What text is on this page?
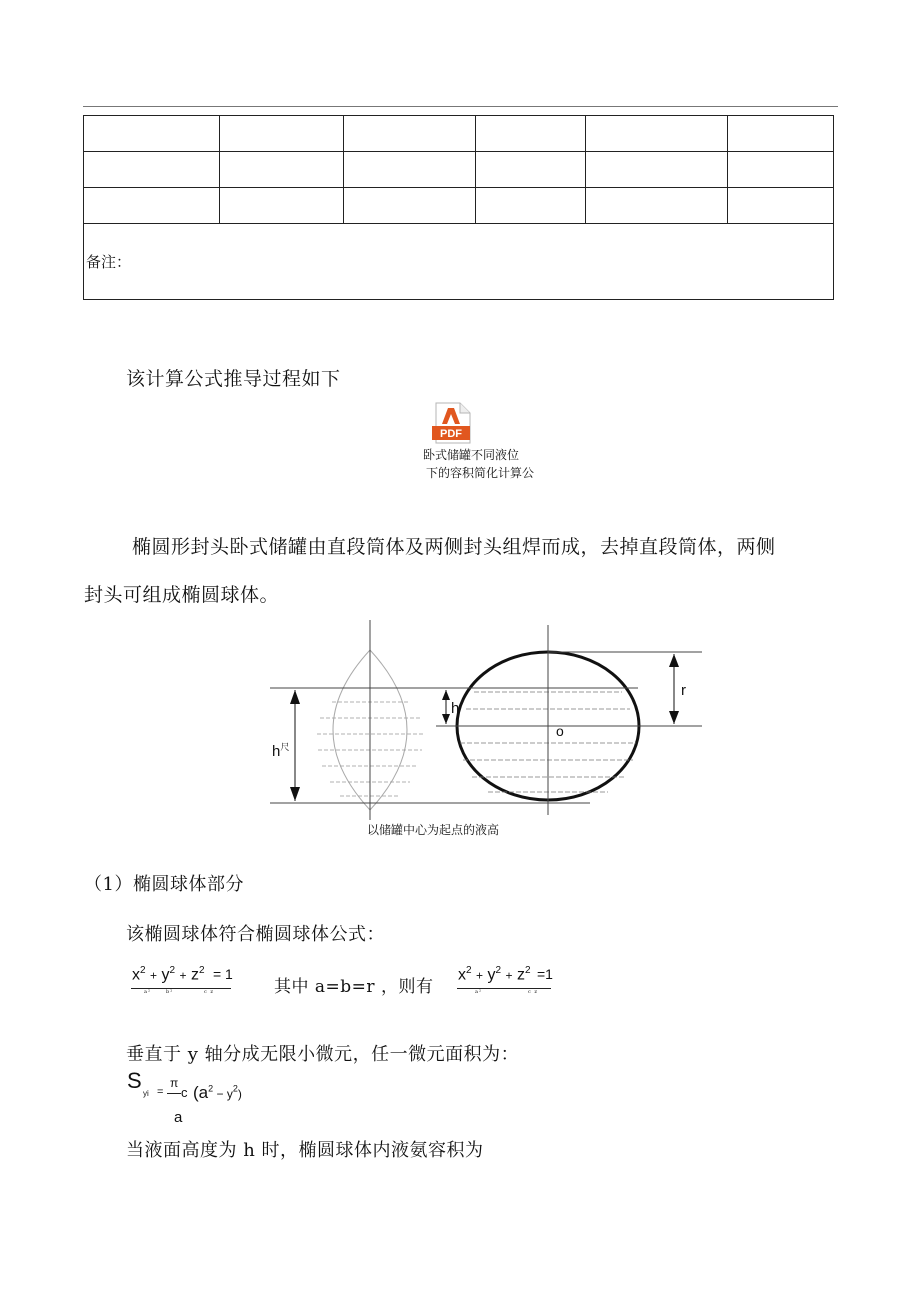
备注：					
该计算公式推导过程如下
PDF
卧式储罐不同液位
下的容积简化计算公
椭圆形封头卧式储罐由直段筒体及两侧封头组焊而成，去掉直段筒体，两侧
封头可组成椭圆球体。
$h^尺$
h
r
o
以储罐中心为起点的液高
（1）椭圆球体部分
该椭圆球体符合椭圆球体公式：
$x^2 + y^2 + z^2 = 1$
a²	b²	c z	其中 a=b=r ，则有
$x^2 + y^2 + z^2 =1$
a²	c z
垂直于 y 轴分成无限小微元，任一微元面积为：
S
yi =
π
c
a
$(a^2 - y^2)$
当液面高度为 h 时，椭圆球体内液氨容积为
